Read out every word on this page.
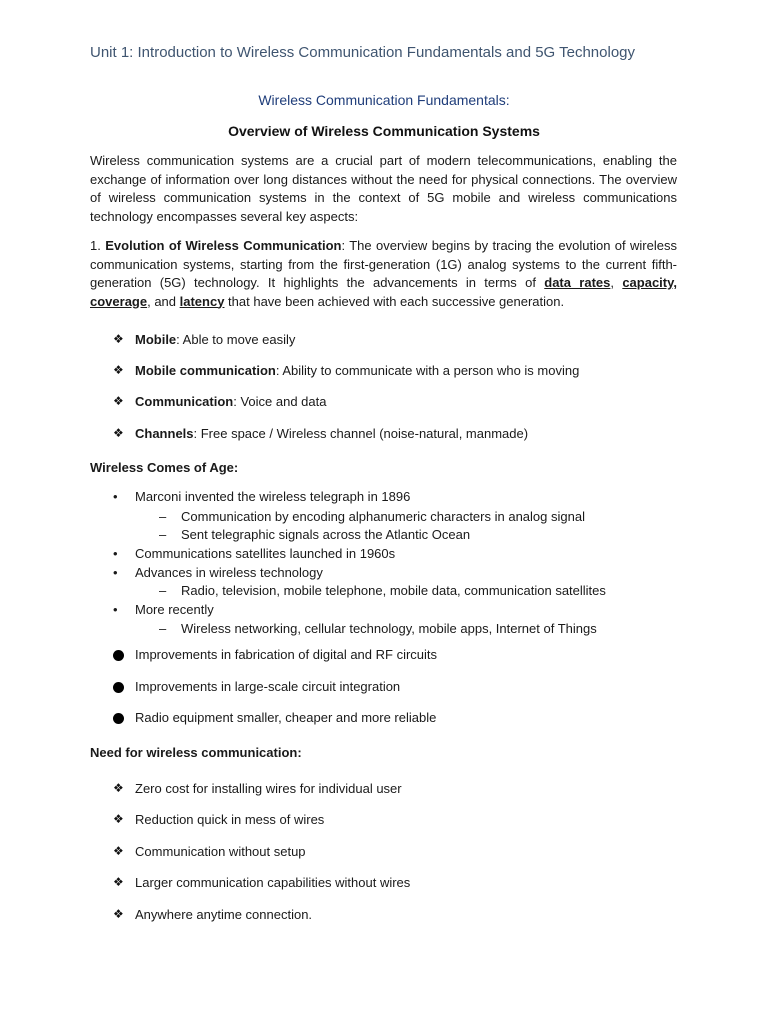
Unit 1: Introduction to Wireless Communication Fundamentals and 5G Technology
Wireless Communication Fundamentals:
Overview of Wireless Communication Systems
Wireless communication systems are a crucial part of modern telecommunications, enabling the exchange of information over long distances without the need for physical connections. The overview of wireless communication systems in the context of 5G mobile and wireless communications technology encompasses several key aspects:
1. Evolution of Wireless Communication: The overview begins by tracing the evolution of wireless communication systems, starting from the first-generation (1G) analog systems to the current fifth-generation (5G) technology. It highlights the advancements in terms of data rates, capacity, coverage, and latency that have been achieved with each successive generation.
❖ Mobile: Able to move easily
❖ Mobile communication: Ability to communicate with a person who is moving
❖ Communication: Voice and data
❖ Channels: Free space / Wireless channel (noise-natural, manmade)
Wireless Comes of Age:
• Marconi invented the wireless telegraph in 1896
– Communication by encoding alphanumeric characters in analog signal
– Sent telegraphic signals across the Atlantic Ocean
• Communications satellites launched in 1960s
• Advances in wireless technology
– Radio, television, mobile telephone, mobile data, communication satellites
• More recently
– Wireless networking, cellular technology, mobile apps, Internet of Things
Improvements in fabrication of digital and RF circuits
Improvements in large-scale circuit integration
Radio equipment smaller, cheaper and more reliable
Need for wireless communication:
❖ Zero cost for installing wires for individual user
❖ Reduction quick in mess of wires
❖ Communication without setup
❖ Larger communication capabilities without wires
❖ Anywhere anytime connection.
